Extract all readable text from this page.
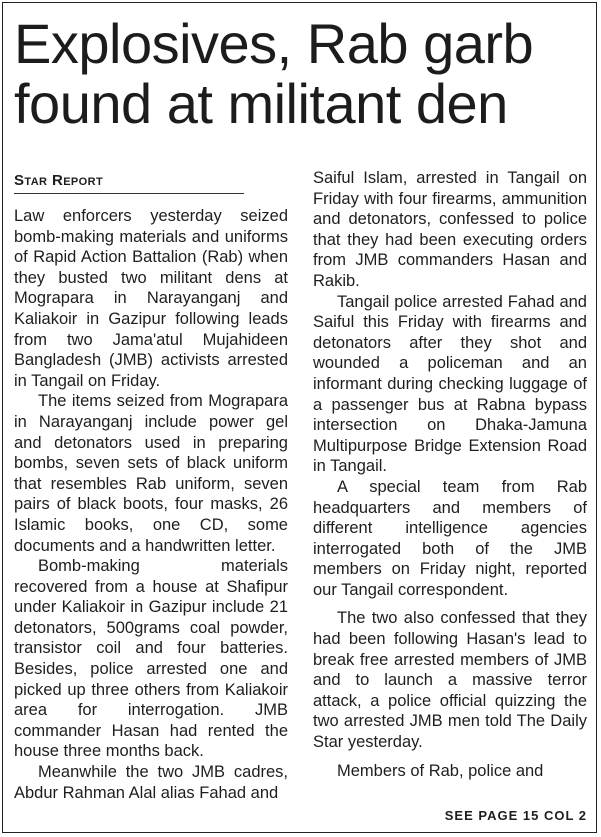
Explosives, Rab garb
found at militant den
Star Report

Law enforcers yesterday seized bomb-making materials and uniforms of Rapid Action Battalion (Rab) when they busted two militant dens at Mograpara in Narayanganj and Kaliakoir in Gazipur following leads from two Jama'atul Mujahideen Bangladesh (JMB) activists arrested in Tangail on Friday.

The items seized from Mograpara in Narayanganj include power gel and detonators used in preparing bombs, seven sets of black uniform that resembles Rab uniform, seven pairs of black boots, four masks, 26 Islamic books, one CD, some documents and a handwritten letter.

Bomb-making materials recovered from a house at Shafipur under Kaliakoir in Gazipur include 21 detonators, 500grams coal powder, transistor coil and four batteries. Besides, police arrested one and picked up three others from Kaliakoir area for interrogation. JMB commander Hasan had rented the house three months back.

Meanwhile the two JMB cadres, Abdur Rahman Alal alias Fahad and

Saiful Islam, arrested in Tangail on Friday with four firearms, ammunition and detonators, confessed to police that they had been executing orders from JMB commanders Hasan and Rakib.

Tangail police arrested Fahad and Saiful this Friday with firearms and detonators after they shot and wounded a policeman and an informant during checking luggage of a passenger bus at Rabna bypass intersection on Dhaka-Jamuna Multipurpose Bridge Extension Road in Tangail.

A special team from Rab headquarters and members of different intelligence agencies interrogated both of the JMB members on Friday night, reported our Tangail correspondent.

The two also confessed that they had been following Hasan's lead to break free arrested members of JMB and to launch a massive terror attack, a police official quizzing the two arrested JMB men told The Daily Star yesterday.

Members of Rab, police and

SEE PAGE 15 COL 2
